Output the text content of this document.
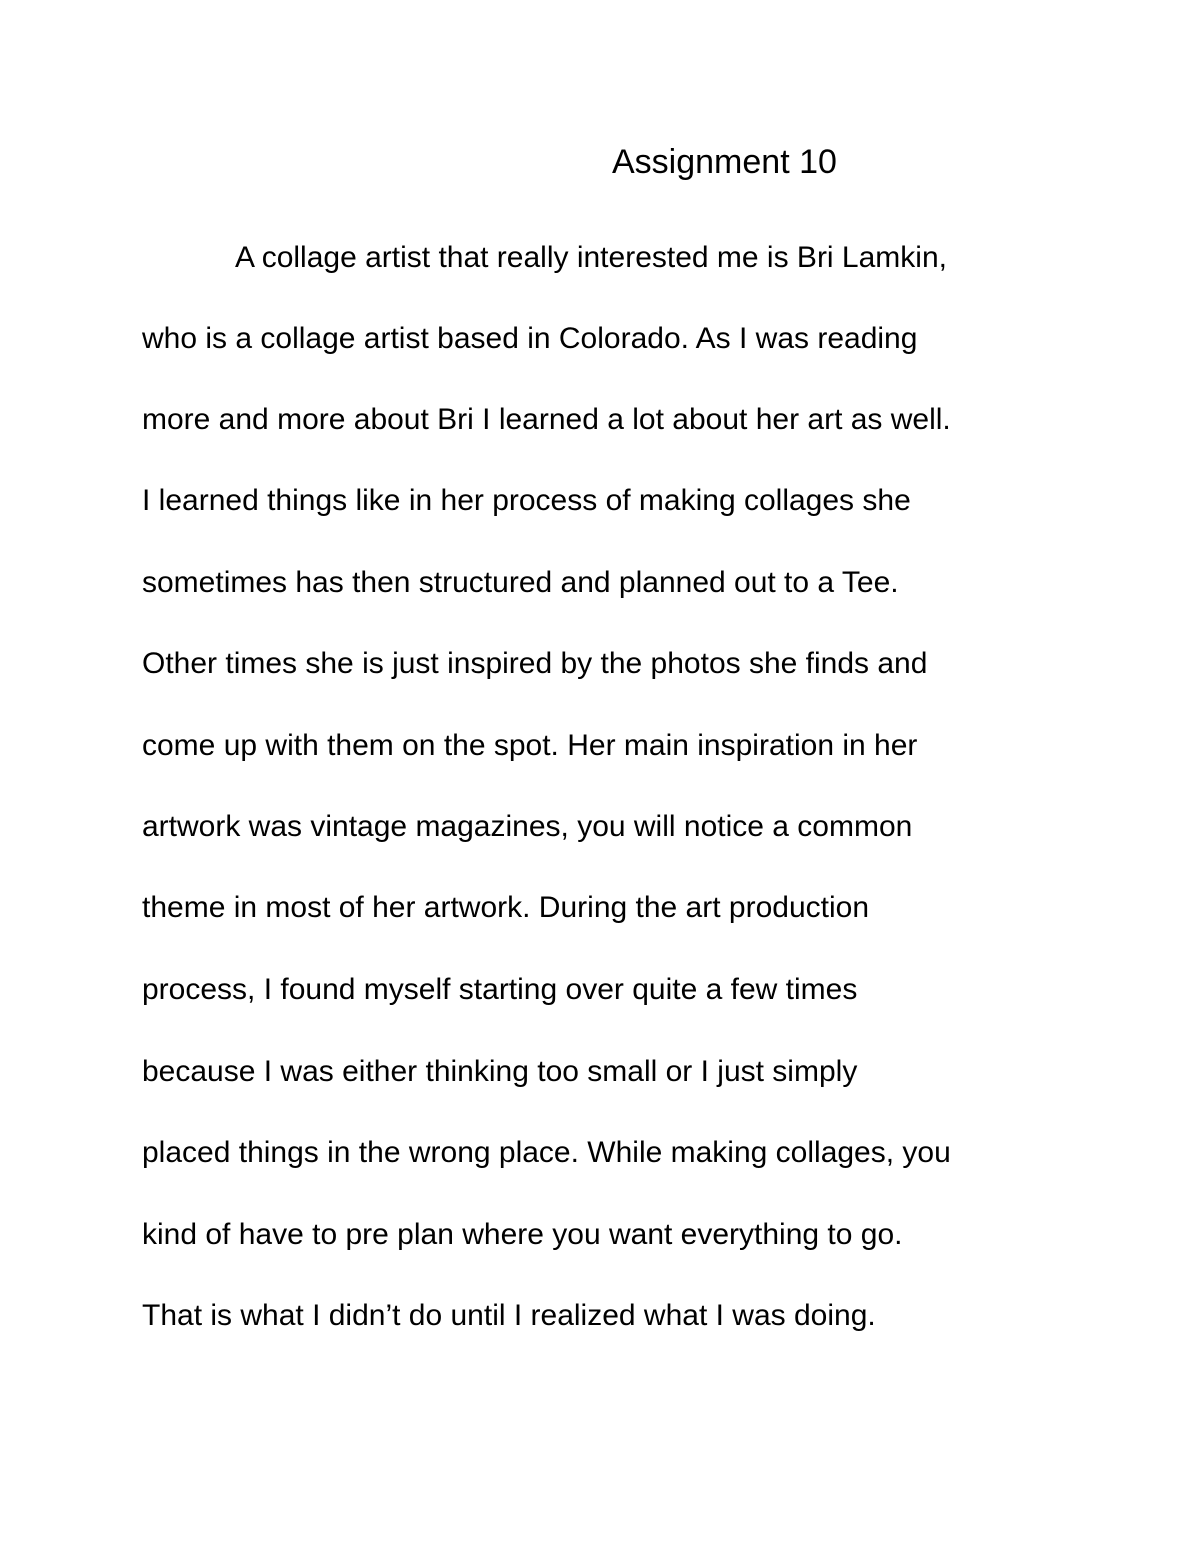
Assignment 10

A collage artist that really interested me is Bri Lamkin,

who is a collage artist based in Colorado. As I was reading

more and more about Bri I learned a lot about her art as well.

I learned things like in her process of making collages she

sometimes has then structured and planned out to a Tee.

Other times she is just inspired by the photos she finds and

come up with them on the spot. Her main inspiration in her

artwork was vintage magazines, you will notice a common

theme in most of her artwork. During the art production

process, I found myself starting over quite a few times

because I was either thinking too small or I just simply

placed things in the wrong place. While making collages, you

kind of have to pre plan where you want everything to go.

That is what I didn’t do until I realized what I was doing.
